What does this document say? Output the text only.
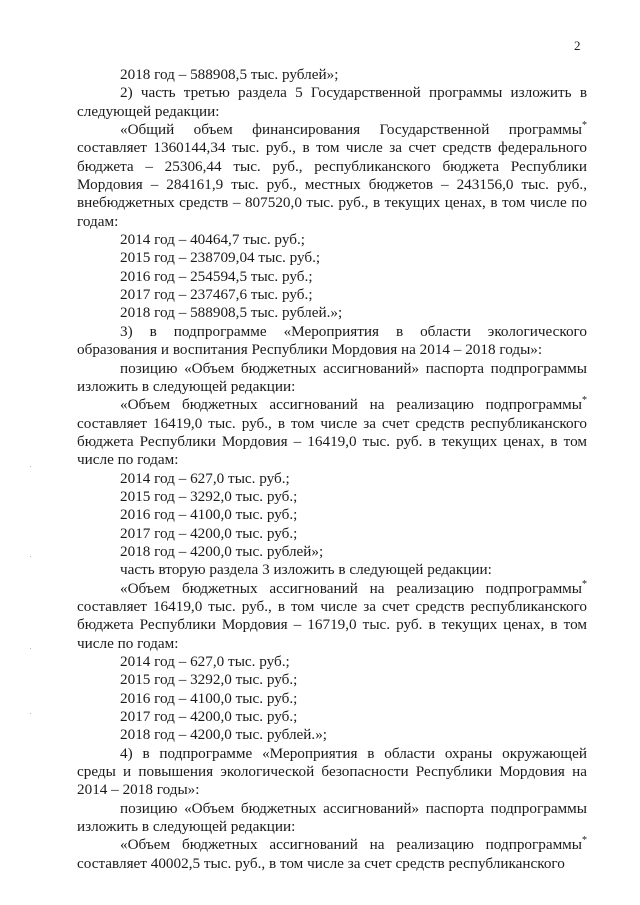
2

2018 год – 588908,5 тыс. рублей»;

2) часть третью раздела 5 Государственной программы изложить в следующей редакции:

«Общий объем финансирования Государственной программы* составляет 1360144,34 тыс. руб., в том числе за счет средств федерального бюджета – 25306,44 тыс. руб., республиканского бюджета Республики Мордовия – 284161,9 тыс. руб., местных бюджетов – 243156,0 тыс. руб., внебюджетных средств – 807520,0 тыс. руб., в текущих ценах, в том числе по годам:

2014 год – 40464,7 тыс. руб.;

2015 год – 238709,04 тыс. руб.;

2016 год – 254594,5 тыс. руб.;

2017 год – 237467,6 тыс. руб.;

2018 год – 588908,5 тыс. рублей.»;

3) в подпрограмме «Мероприятия в области экологического образования и воспитания Республики Мордовия на 2014 – 2018 годы»:

позицию «Объем бюджетных ассигнований» паспорта подпрограммы изложить в следующей редакции:

«Объем бюджетных ассигнований на реализацию подпрограммы* составляет 16419,0 тыс. руб., в том числе за счет средств республиканского бюджета Республики Мордовия – 16419,0 тыс. руб. в текущих ценах, в том числе по годам:

2014 год – 627,0 тыс. руб.;

2015 год – 3292,0 тыс. руб.;

2016 год – 4100,0 тыс. руб.;

2017 год – 4200,0 тыс. руб.;

2018 год – 4200,0 тыс. рублей»;

часть вторую раздела 3 изложить в следующей редакции:

«Объем бюджетных ассигнований на реализацию подпрограммы* составляет 16419,0 тыс. руб., в том числе за счет средств республиканского бюджета Республики Мордовия – 16719,0 тыс. руб. в текущих ценах, в том числе по годам:

2014 год – 627,0 тыс. руб.;

2015 год – 3292,0 тыс. руб.;

2016 год – 4100,0 тыс. руб.;

2017 год – 4200,0 тыс. руб.;

2018 год – 4200,0 тыс. рублей.»;

4) в подпрограмме «Мероприятия в области охраны окружающей среды и повышения экологической безопасности Республики Мордовия на 2014 – 2018 годы»:

позицию «Объем бюджетных ассигнований» паспорта подпрограммы изложить в следующей редакции:

«Объем бюджетных ассигнований на реализацию подпрограммы* составляет 40002,5 тыс. руб., в том числе за счет средств республиканского
